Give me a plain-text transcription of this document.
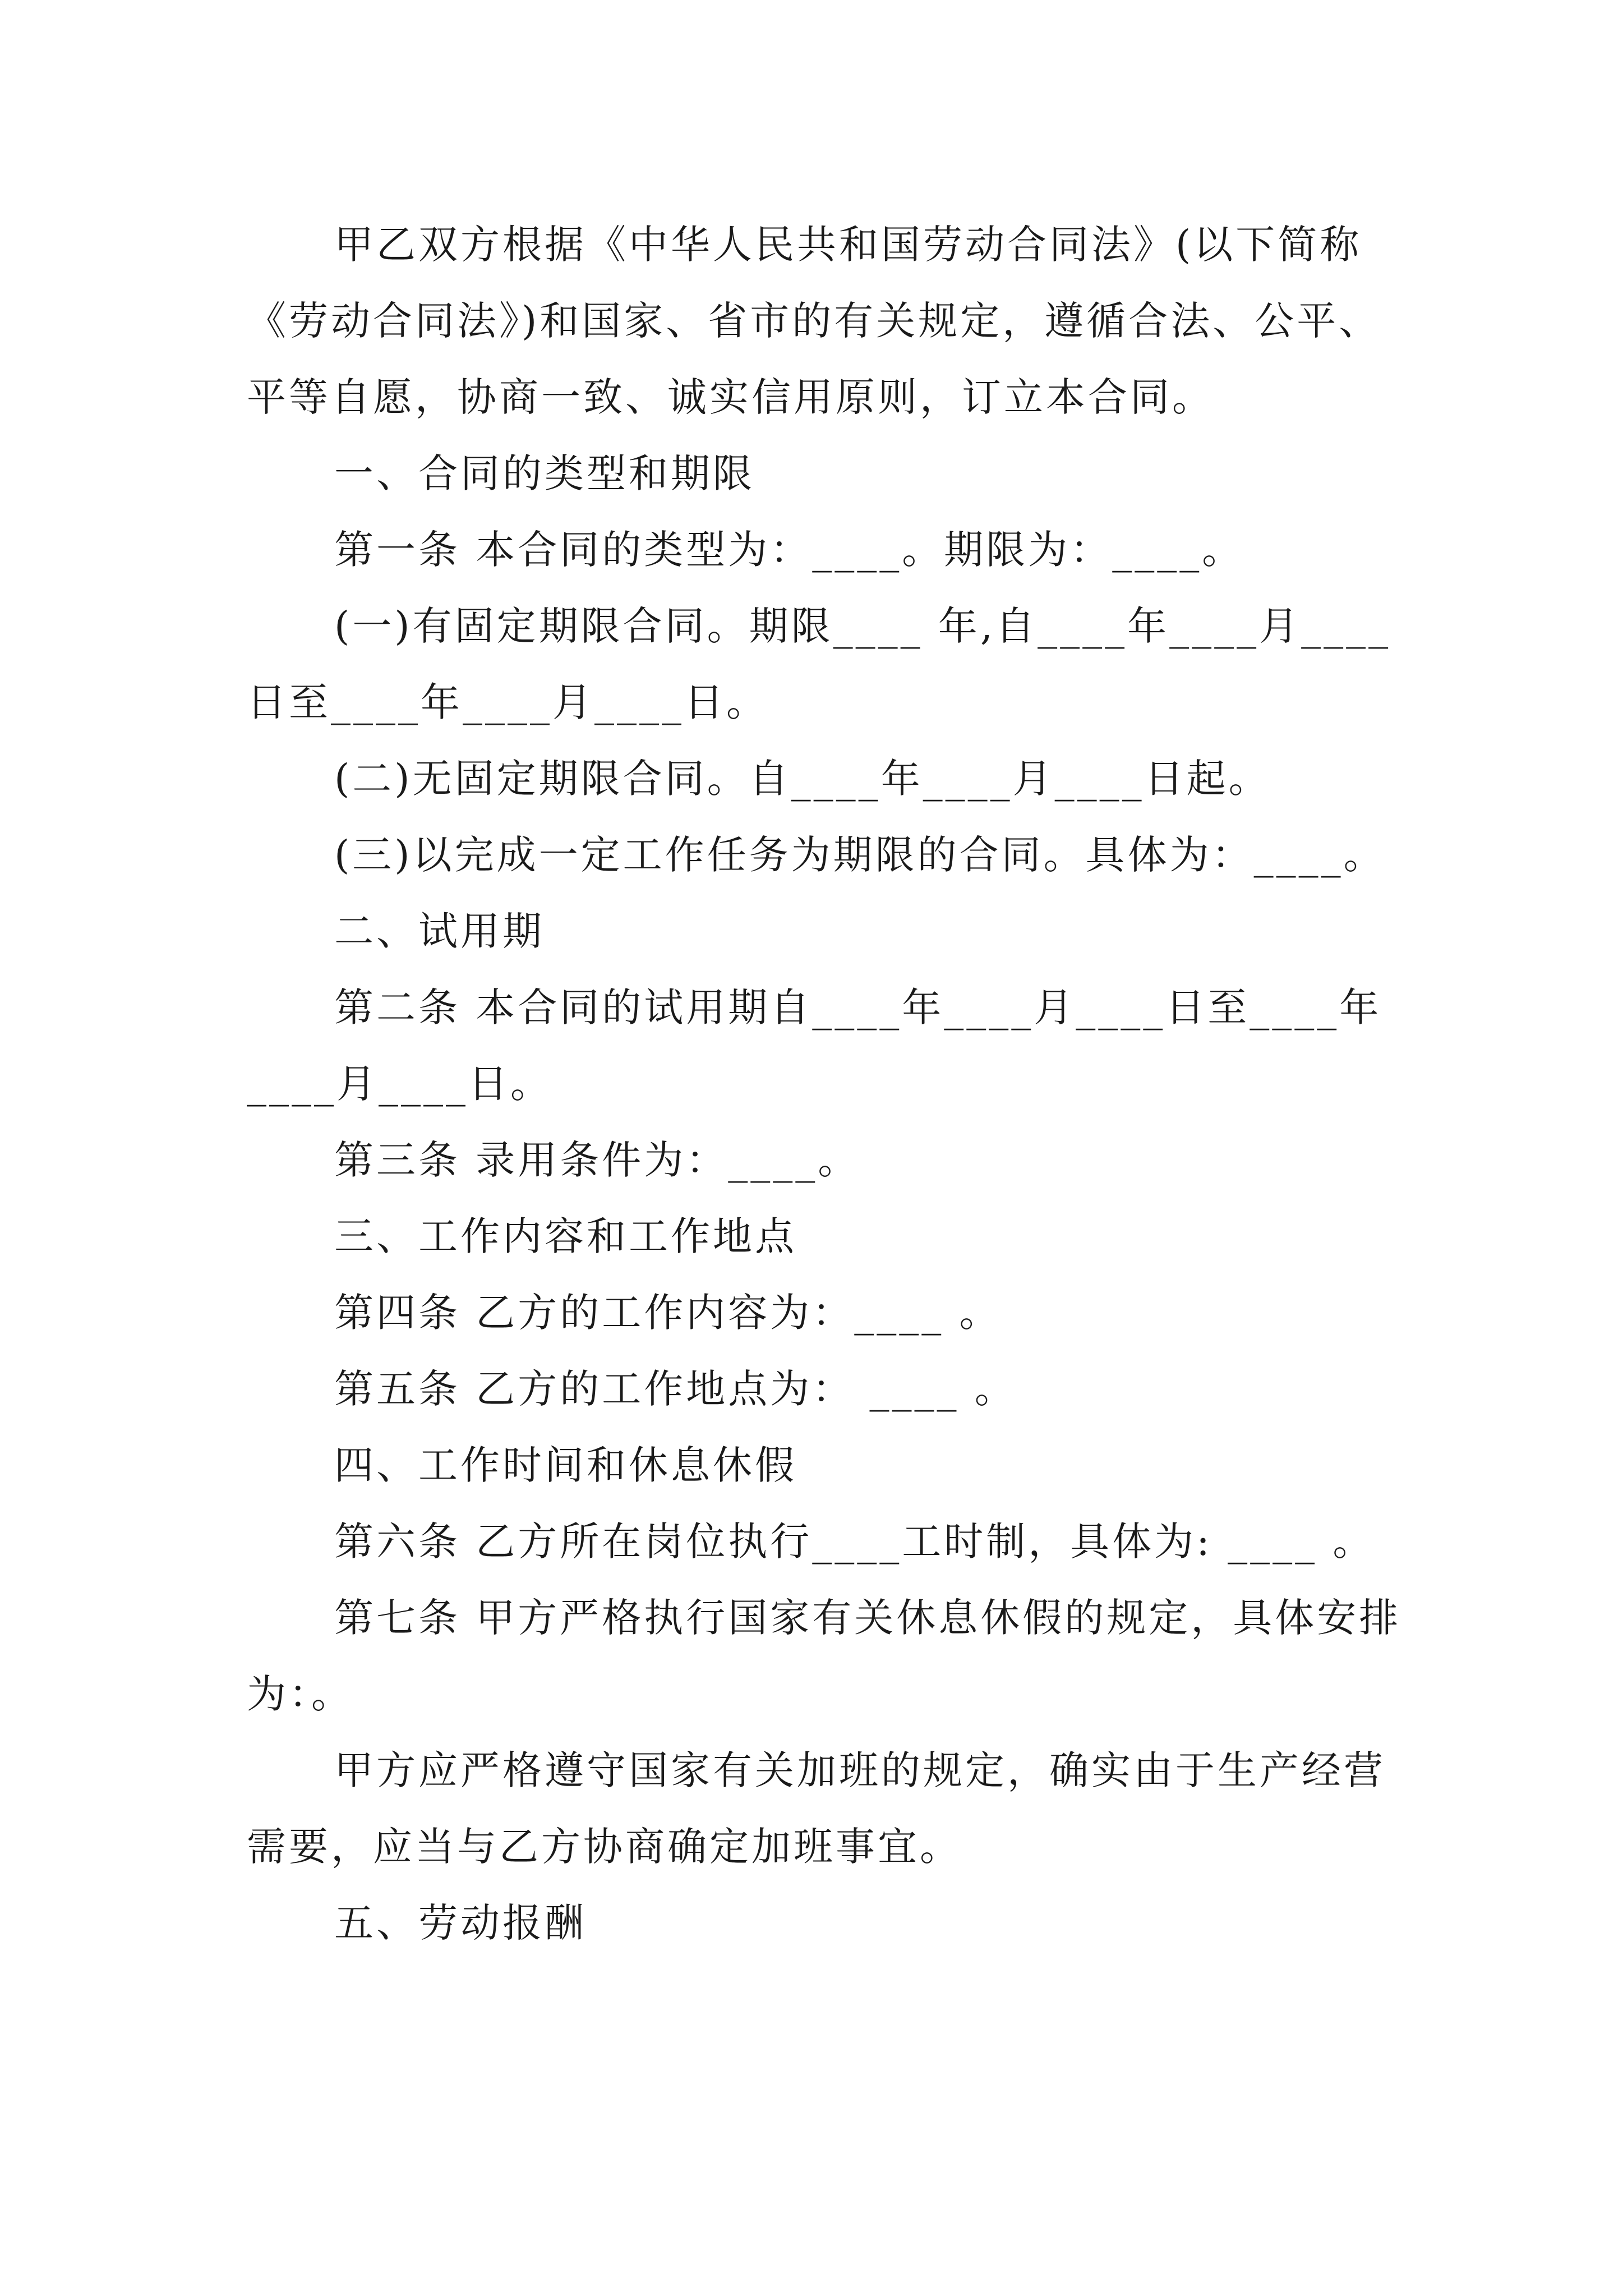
甲乙双方根据《中华人民共和国劳动合同法》(以下简称《劳动合同法》)和国家、省市的有关规定，遵循合法、公平、平等自愿，协商一致、诚实信用原则，订立本合同。

一、合同的类型和期限

第一条 本合同的类型为：____。期限为：____。

(一)有固定期限合同。期限____ 年,自____年____月____日至____年____月____日。

(二)无固定期限合同。自____年____月____日起。

(三)以完成一定工作任务为期限的合同。具体为：____。

二、试用期

第二条 本合同的试用期自____年____月____日至____年____月____日。

第三条 录用条件为：____。

三、工作内容和工作地点

第四条 乙方的工作内容为：____ 。

第五条 乙方的工作地点为： ____ 。

四、工作时间和休息休假

第六条 乙方所在岗位执行____工时制，具体为: ____ 。

第七条 甲方严格执行国家有关休息休假的规定，具体安排为：。

甲方应严格遵守国家有关加班的规定，确实由于生产经营需要，应当与乙方协商确定加班事宜。

五、劳动报酬
